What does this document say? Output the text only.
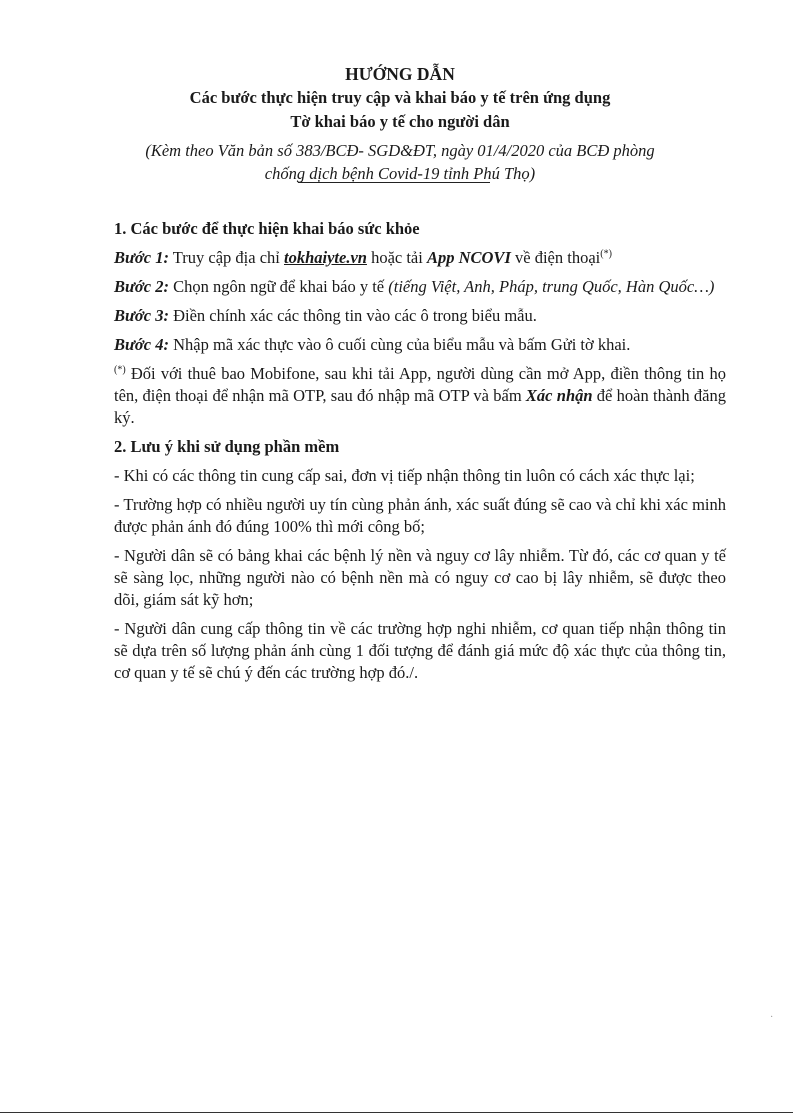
HƯỚNG DẪN
Các bước thực hiện truy cập và khai báo y tế trên ứng dụng
Tờ khai báo y tế cho người dân
(Kèm theo Văn bản số 383/BCĐ- SGD&ĐT, ngày 01/4/2020 của BCĐ phòng
chống dịch bệnh Covid-19 tỉnh Phú Thọ)

1. Các bước để thực hiện khai báo sức khỏe

Bước 1: Truy cập địa chỉ tokhaiyte.vn hoặc tải App NCOVI về điện thoại(*)

Bước 2: Chọn ngôn ngữ để khai báo y tế (tiếng Việt, Anh, Pháp, trung Quốc, Hàn Quốc…)

Bước 3: Điền chính xác các thông tin vào các ô trong biểu mẫu.

Bước 4: Nhập mã xác thực vào ô cuối cùng của biểu mẫu và bấm Gửi tờ khai.

(*) Đối với thuê bao Mobifone, sau khi tải App, người dùng cần mở App, điền thông tin họ tên, điện thoại để nhận mã OTP, sau đó nhập mã OTP và bấm Xác nhận để hoàn thành đăng ký.

2. Lưu ý khi sử dụng phần mềm

- Khi có các thông tin cung cấp sai, đơn vị tiếp nhận thông tin luôn có cách xác thực lại;

- Trường hợp có nhiều người uy tín cùng phản ánh, xác suất đúng sẽ cao và chỉ khi xác minh được phản ánh đó đúng 100% thì mới công bố;

- Người dân sẽ có bảng khai các bệnh lý nền và nguy cơ lây nhiễm. Từ đó, các cơ quan y tế sẽ sàng lọc, những người nào có bệnh nền mà có nguy cơ cao bị lây nhiễm, sẽ được theo dõi, giám sát kỹ hơn;

- Người dân cung cấp thông tin về các trường hợp nghi nhiễm, cơ quan tiếp nhận thông tin sẽ dựa trên số lượng phản ánh cùng 1 đối tượng để đánh giá mức độ xác thực của thông tin, cơ quan y tế sẽ chú ý đến các trường hợp đó./.

·
